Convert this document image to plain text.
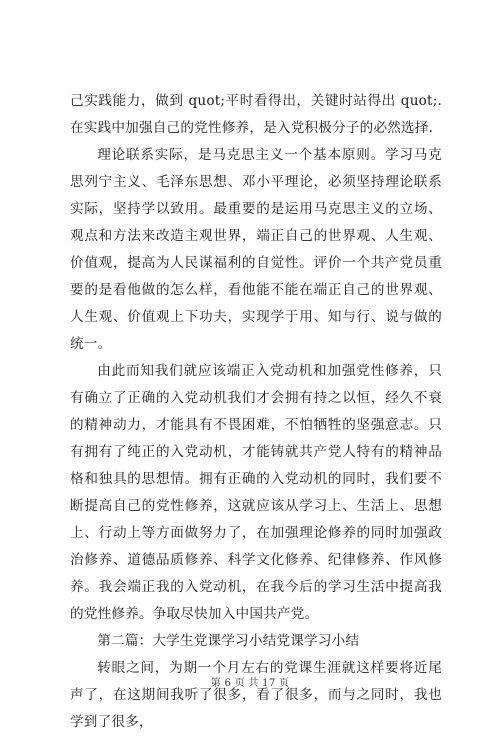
己实践能力，做到 quot;平时看得出，关键时站得出 quot;.在实践中加强自己的党性修养，是入党积极分子的必然选择.

理论联系实际，是马克思主义一个基本原则。学习马克思列宁主义、毛泽东思想、邓小平理论，必须坚持理论联系实际，坚持学以致用。最重要的是运用马克思主义的立场、观点和方法来改造主观世界，端正自己的世界观、人生观、价值观，提高为人民谋福利的自觉性。评价一个共产党员重要的是看他做的怎么样，看他能不能在端正自己的世界观、人生观、价值观上下功夫，实现学于用、知与行、说与做的统一。

由此而知我们就应该端正入党动机和加强党性修养，只有确立了正确的入党动机我们才会拥有持之以恒，经久不衰的精神动力，才能具有不畏困难，不怕牺牲的坚强意志。只有拥有了纯正的入党动机，才能铸就共产党人特有的精神品格和独具的思想情。拥有正确的入党动机的同时，我们要不断提高自己的党性修养，这就应该从学习上、生活上、思想上、行动上等方面做努力了，在加强理论修养的同时加强政治修养、道德品质修养、科学文化修养、纪律修养、作风修养。我会端正我的入党动机，在我今后的学习生活中提高我的党性修养。争取尽快加入中国共产党。

第二篇：大学生党课学习小结党课学习小结

转眼之间，为期一个月左右的党课生涯就这样要将近尾声了，在这期间我听了很多，看了很多，而与之同时，我也学到了很多，

第 6 页 共 17 页
